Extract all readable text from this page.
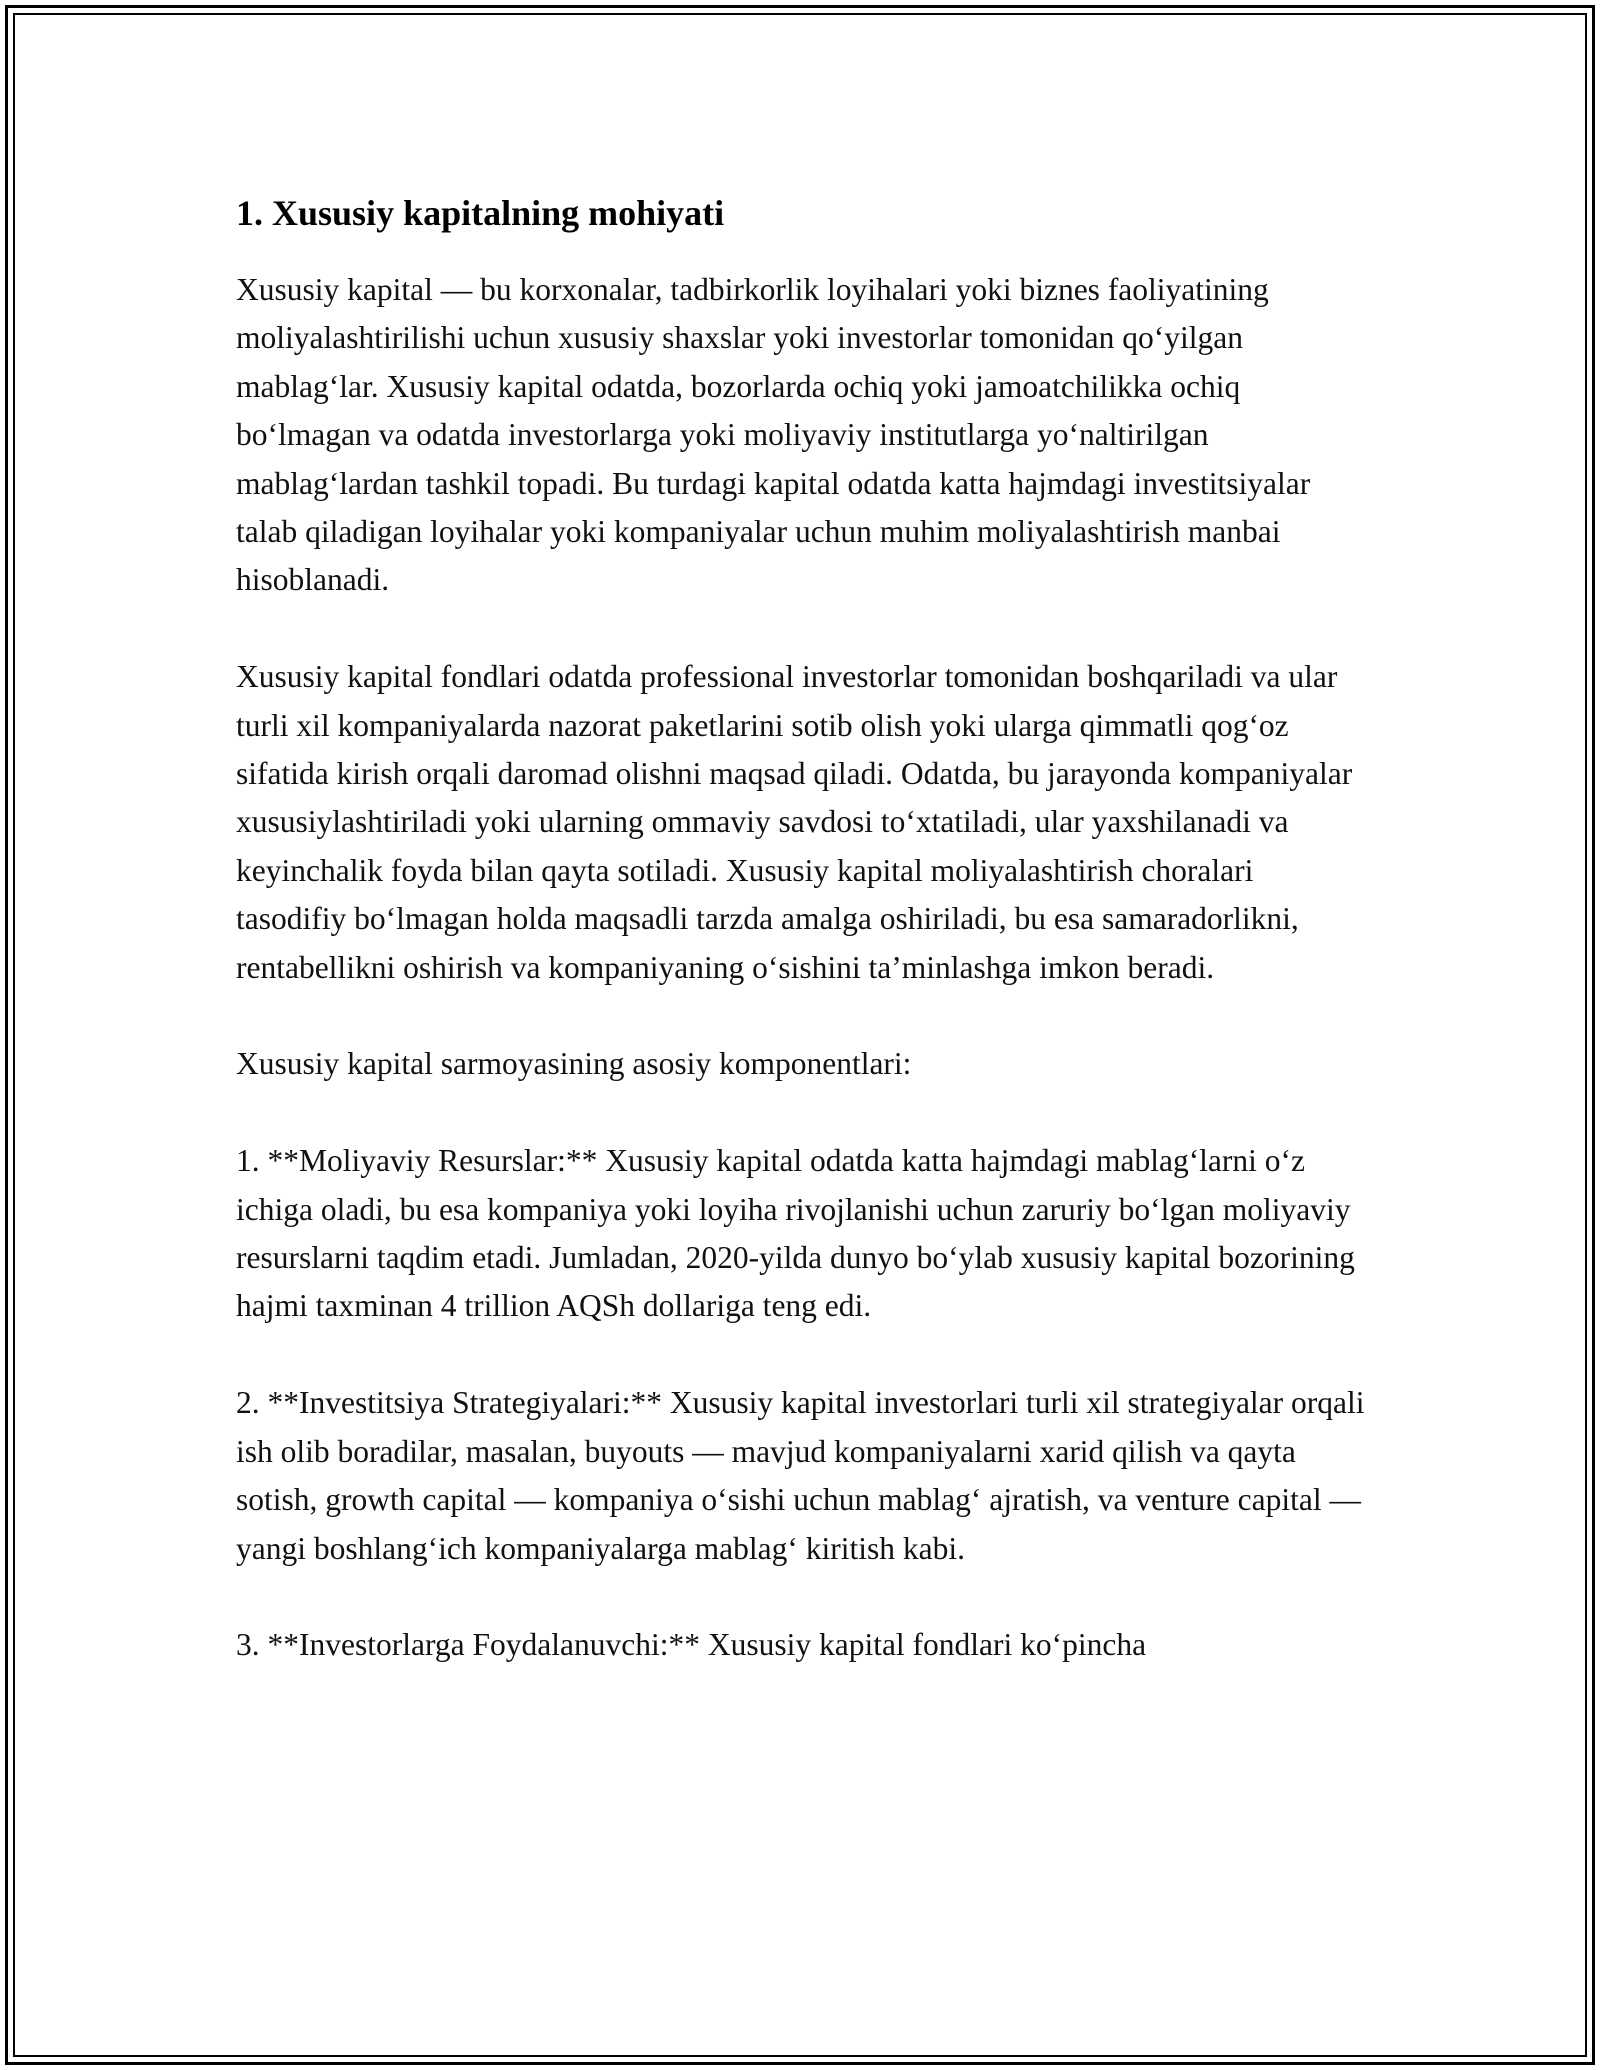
1. Xususiy kapitalning mohiyati

Xususiy kapital — bu korxonalar, tadbirkorlik loyihalari yoki biznes faoliyatining moliyalashtirilishi uchun xususiy shaxslar yoki investorlar tomonidan qo‘yilgan mablag‘lar. Xususiy kapital odatda, bozorlarda ochiq yoki jamoatchilikka ochiq bo‘lmagan va odatda investorlarga yoki moliyaviy institutlarga yo‘naltirilgan mablag‘lardan tashkil topadi. Bu turdagi kapital odatda katta hajmdagi investitsiyalar talab qiladigan loyihalar yoki kompaniyalar uchun muhim moliyalashtirish manbai hisoblanadi.

Xususiy kapital fondlari odatda professional investorlar tomonidan boshqariladi va ular turli xil kompaniyalarda nazorat paketlarini sotib olish yoki ularga qimmatli qog‘oz sifatida kirish orqali daromad olishni maqsad qiladi. Odatda, bu jarayonda kompaniyalar xususiylashtiriladi yoki ularning ommaviy savdosi to‘xtatiladi, ular yaxshilanadi va keyinchalik foyda bilan qayta sotiladi. Xususiy kapital moliyalashtirish choralari tasodifiy bo‘lmagan holda maqsadli tarzda amalga oshiriladi, bu esa samaradorlikni, rentabellikni oshirish va kompaniyaning o‘sishini ta’minlashga imkon beradi.

Xususiy kapital sarmoyasining asosiy komponentlari:

1. **Moliyaviy Resurslar:** Xususiy kapital odatda katta hajmdagi mablag‘larni o‘z ichiga oladi, bu esa kompaniya yoki loyiha rivojlanishi uchun zaruriy bo‘lgan moliyaviy resurslarni taqdim etadi. Jumladan, 2020-yilda dunyo bo‘ylab xususiy kapital bozorining hajmi taxminan 4 trillion AQSh dollariga teng edi.

2. **Investitsiya Strategiyalari:** Xususiy kapital investorlari turli xil strategiyalar orqali ish olib boradilar, masalan, buyouts — mavjud kompaniyalarni xarid qilish va qayta sotish, growth capital — kompaniya o‘sishi uchun mablag‘ ajratish, va venture capital — yangi boshlang‘ich kompaniyalarga mablag‘ kiritish kabi.

3. **Investorlarga Foydalanuvchi:** Xususiy kapital fondlari ko‘pincha
